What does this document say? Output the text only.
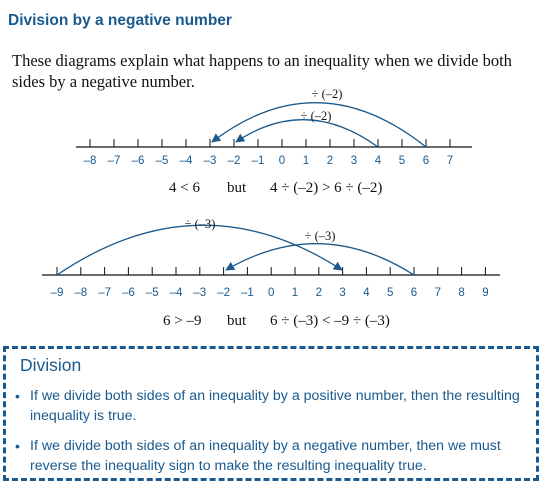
Division by a negative number
These diagrams explain what happens to an inequality when we divide both sides by a negative number.
–8 –7 –6 –5 –4 –3 –2 –1 0 1 2 3 4 5 6 7
÷ (–2)
÷ (–2)
4 < 6 but 4 ÷ (–2) > 6 ÷ (–2)
–9 –8 –7 –6 –5 –4 –3 –2 –1 0 1 2 3 4 5 6 7 8 9
÷ (–3)
÷ (–3)
6 > –9 but 6 ÷ (–3) < –9 ÷ (–3)
Division
• If we divide both sides of an inequality by a positive number, then the resulting inequality is true.
• If we divide both sides of an inequality by a negative number, then we must reverse the inequality sign to make the resulting inequality true.
